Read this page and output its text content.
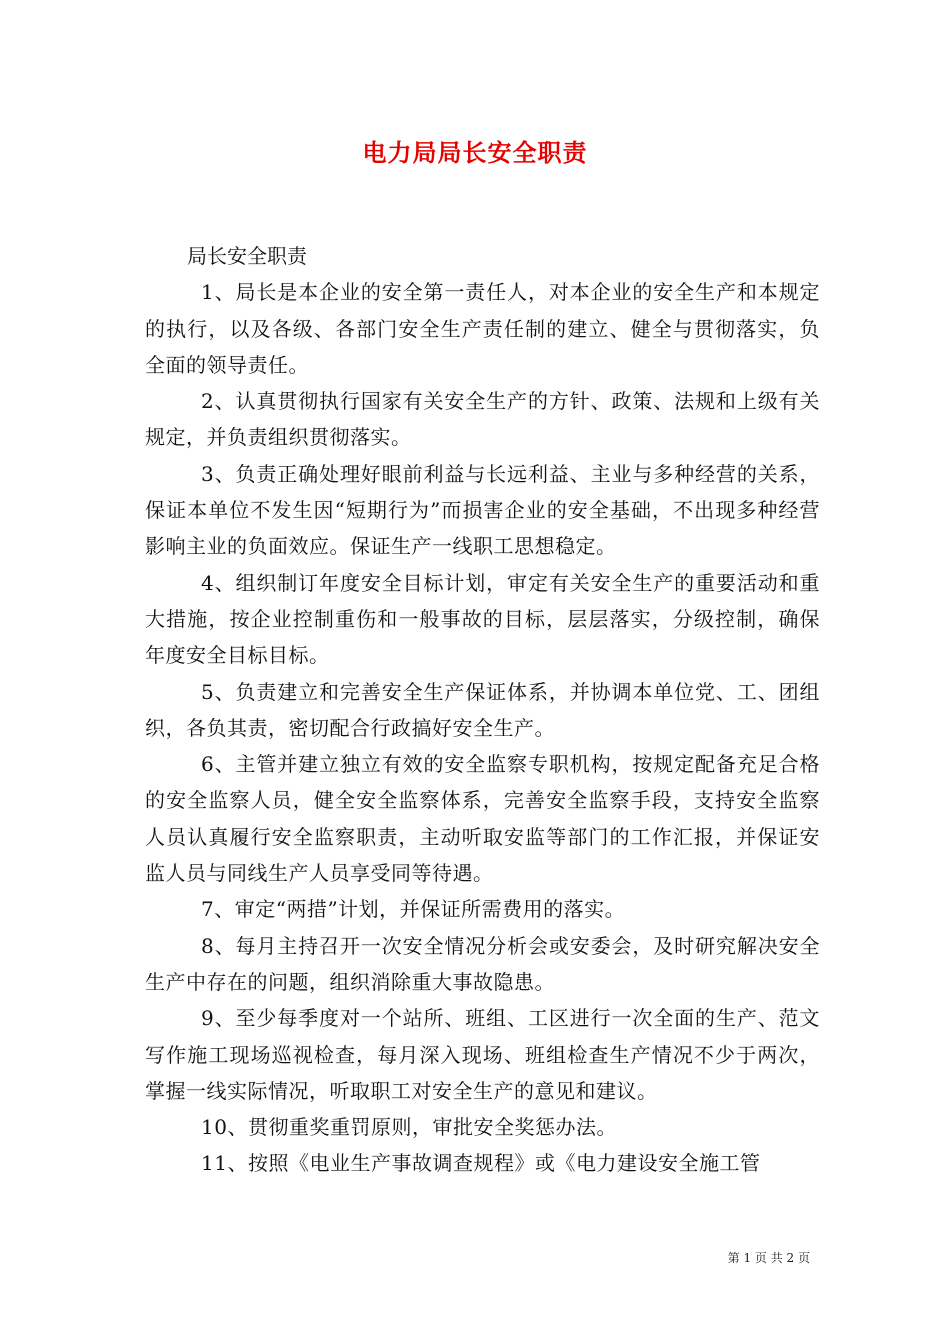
电力局局长安全职责

局长安全职责

1、局长是本企业的安全第一责任人，对本企业的安全生产和本规定的执行，以及各级、各部门安全生产责任制的建立、健全与贯彻落实，负全面的领导责任。

2、认真贯彻执行国家有关安全生产的方针、政策、法规和上级有关规定，并负责组织贯彻落实。

3、负责正确处理好眼前利益与长远利益、主业与多种经营的关系，保证本单位不发生因“短期行为”而损害企业的安全基础，不出现多种经营影响主业的负面效应。保证生产一线职工思想稳定。

4、组织制订年度安全目标计划，审定有关安全生产的重要活动和重大措施，按企业控制重伤和一般事故的目标，层层落实，分级控制，确保年度安全目标目标。

5、负责建立和完善安全生产保证体系，并协调本单位党、工、团组织，各负其责，密切配合行政搞好安全生产。

6、主管并建立独立有效的安全监察专职机构，按规定配备充足合格的安全监察人员，健全安全监察体系，完善安全监察手段，支持安全监察人员认真履行安全监察职责，主动听取安监等部门的工作汇报，并保证安监人员与同线生产人员享受同等待遇。

7、审定“两措”计划，并保证所需费用的落实。

8、每月主持召开一次安全情况分析会或安委会，及时研究解决安全生产中存在的问题，组织消除重大事故隐患。

9、至少每季度对一个站所、班组、工区进行一次全面的生产、范文写作施工现场巡视检查，每月深入现场、班组检查生产情况不少于两次，掌握一线实际情况，听取职工对安全生产的意见和建议。

10、贯彻重奖重罚原则，审批安全奖惩办法。

11、按照《电业生产事故调查规程》或《电力建设安全施工管

第 1 页 共 2 页
